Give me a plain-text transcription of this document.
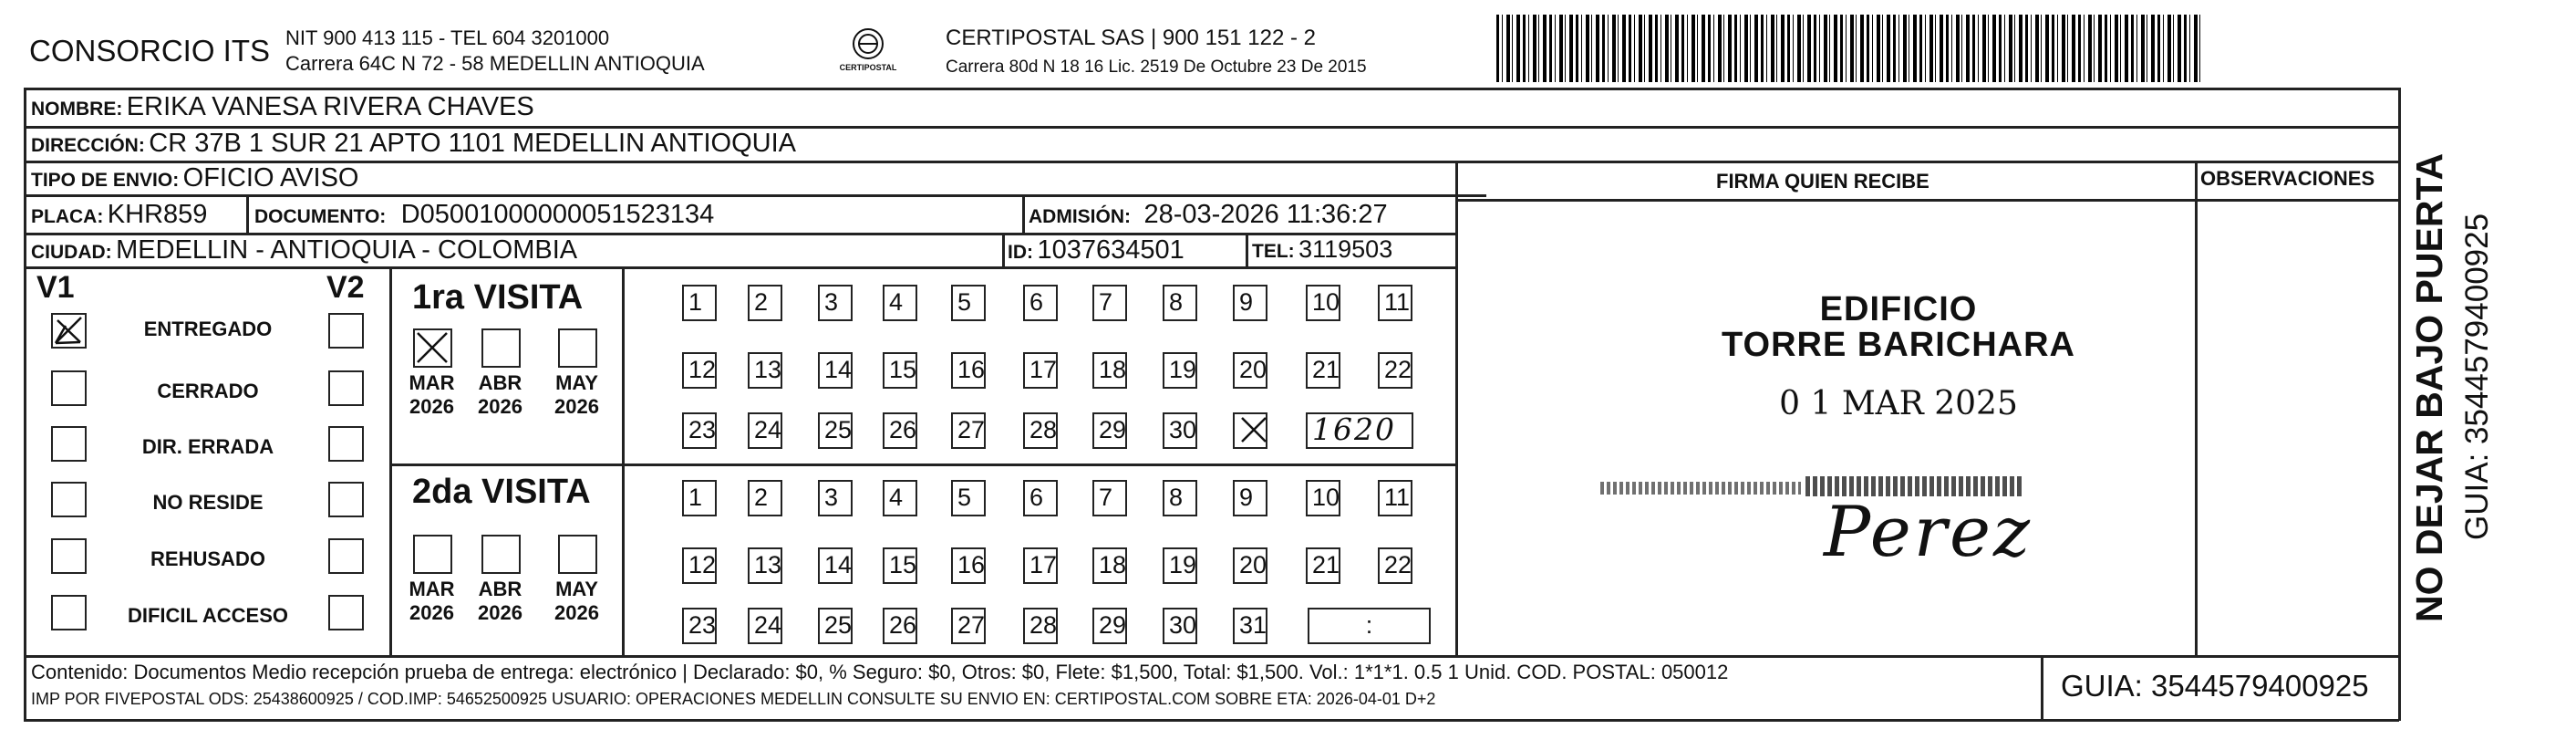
CONSORCIO ITS NIT 900 413 115 - TEL 604 3201000
Carrera 64C N 72 - 58 MEDELLIN ANTIOQUIA	CERTIPOSTAL
CERTIPOSTAL SAS | 900 151 122 - 2
Carrera 80d N 18 16 Lic. 2519 De Octubre 23 De 2015
NOMBRE: ERIKA VANESA RIVERA CHAVES
DIRECCIÓN: CR 37B 1 SUR 21 APTO 1101 MEDELLIN ANTIOQUIA
TIPO DE ENVIO: OFICIO AVISO	FIRMA QUIEN RECIBE	OBSERVACIONES
PLACA: KHR859 DOCUMENTO: D05001000000051523134	ADMISIÓN: 28-03-2026 11:36:27
CIUDAD: MEDELLIN - ANTIOQUIA - COLOMBIA	ID: 1037634501	TEL: 3119503
V1	V2
ENTREGADO
CERRADO
DIR. ERRADA
NO RESIDE
REHUSADO
DIFICIL ACCESO
1ra VISITA
2da VISITA
1	2	3	4	5	6	7	8	9	10 11
12 13 14 15 16 17 18 19 20 21 22
23 24 25 26 27 28 29 30	1620
MAR
2026
ABR
2026
MAY
2026
1	2	3	4	5	6	7	8	9	10 11
12 13 14 15 16 17 18 19 20 21 22
23 24 25 26 27 28 29 30 31	:
MAR
2026
ABR
2026
MAY
2026
EDIFICIO
TORRE BARICHARA
0 1 MAR 2025
Perez
Contenido: Documentos Medio recepción prueba de entrega: electrónico | Declarado: $0, % Seguro: $0, Otros: $0, Flete: $1,500, Total: $1,500. Vol.: 1*1*1. 0.5 1 Unid. COD. POSTAL: 050012
IMP POR FIVEPOSTAL ODS: 25438600925 / COD.IMP: 54652500925 USUARIO: OPERACIONES MEDELLIN CONSULTE SU ENVIO EN: CERTIPOSTAL.COM SOBRE ETA: 2026-04-01 D+2	GUIA: 3544579400925
NO DEJAR BAJO PUERTA GUIA: 3544579400925
